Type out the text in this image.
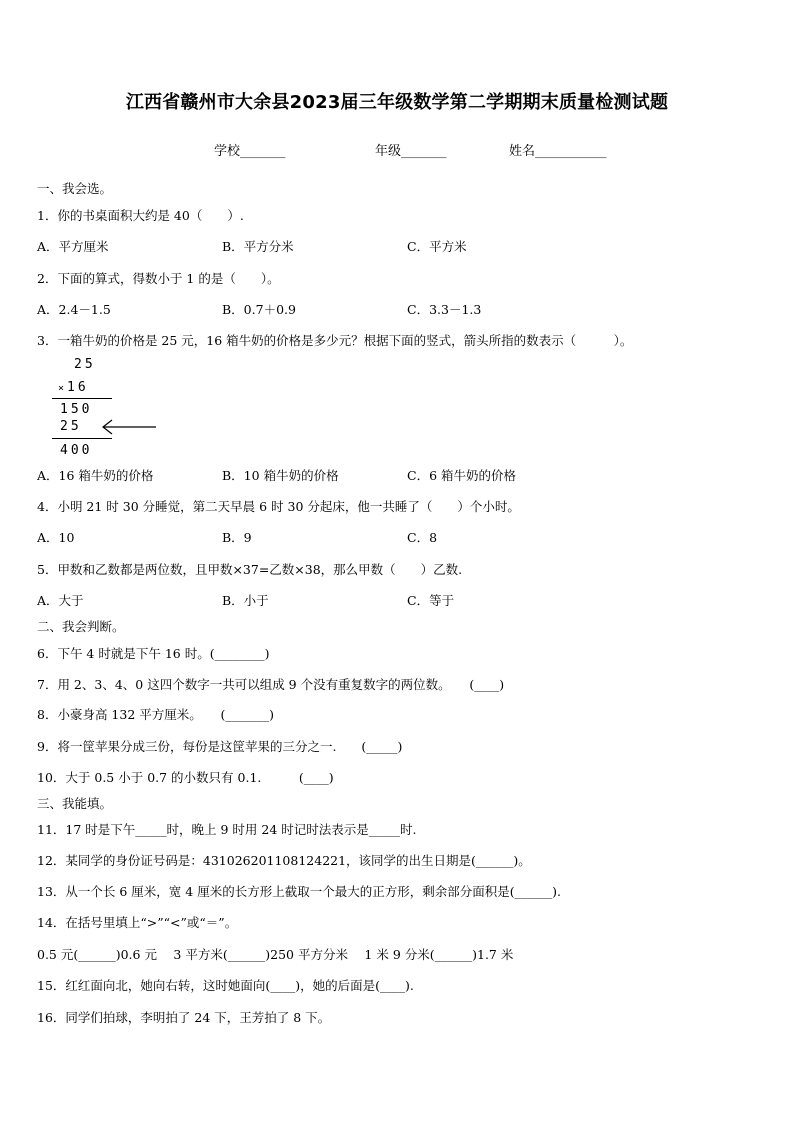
江西省赣州市大余县2023届三年级数学第二学期期末质量检测试题
学校_______	年级_______	姓名___________
一、我会选。
1．你的书桌面积大约是 40（　　）.
A．平方厘米	B．平方分米	C．平方米
2．下面的算式，得数小于 1 的是（　　）。
A．2.4－1.5	B．0.7＋0.9	C．3.3－1.3
3．一箱牛奶的价格是 25 元，16 箱牛奶的价格是多少元？根据下面的竖式，箭头所指的数表示（　　　）。
25
× 16
150
25
400
A．16 箱牛奶的价格	B．10 箱牛奶的价格	C．6 箱牛奶的价格
4．小明 21 时 30 分睡觉，第二天早晨 6 时 30 分起床，他一共睡了（　　）个小时。
A．10	B．9	C．8
5．甲数和乙数都是两位数，且甲数×37=乙数×38，那么甲数（　　）乙数.
A．大于	B．小于	C．等于
二、我会判断。
6．下午 4 时就是下午 16 时。(________)
7．用 2、3、4、0 这四个数字一共可以组成 9 个没有重复数字的两位数。　　(____)
8．小豪身高 132 平方厘米。　　(_______)
9．将一筐苹果分成三份，每份是这筐苹果的三分之一.　　(_____)
10．大于 0.5 小于 0.7 的小数只有 0.1.　　　(____)
三、我能填。
11．17 时是下午_____时，晚上 9 时用 24 时记时法表示是_____时.
12．某同学的身份证号码是：431026201108124221，该同学的出生日期是(______)。
13．从一个长 6 厘米，宽 4 厘米的长方形上截取一个最大的正方形，剩余部分面积是(______).
14．在括号里填上“>”“<”或“＝”。
0.5 元(______)0.6 元　 3 平方米(______)250 平方分米　 1 米 9 分米(______)1.7 米
15．红红面向北，她向右转，这时她面向(____)，她的后面是(____).
16．同学们拍球，李明拍了 24 下，王芳拍了 8 下。
